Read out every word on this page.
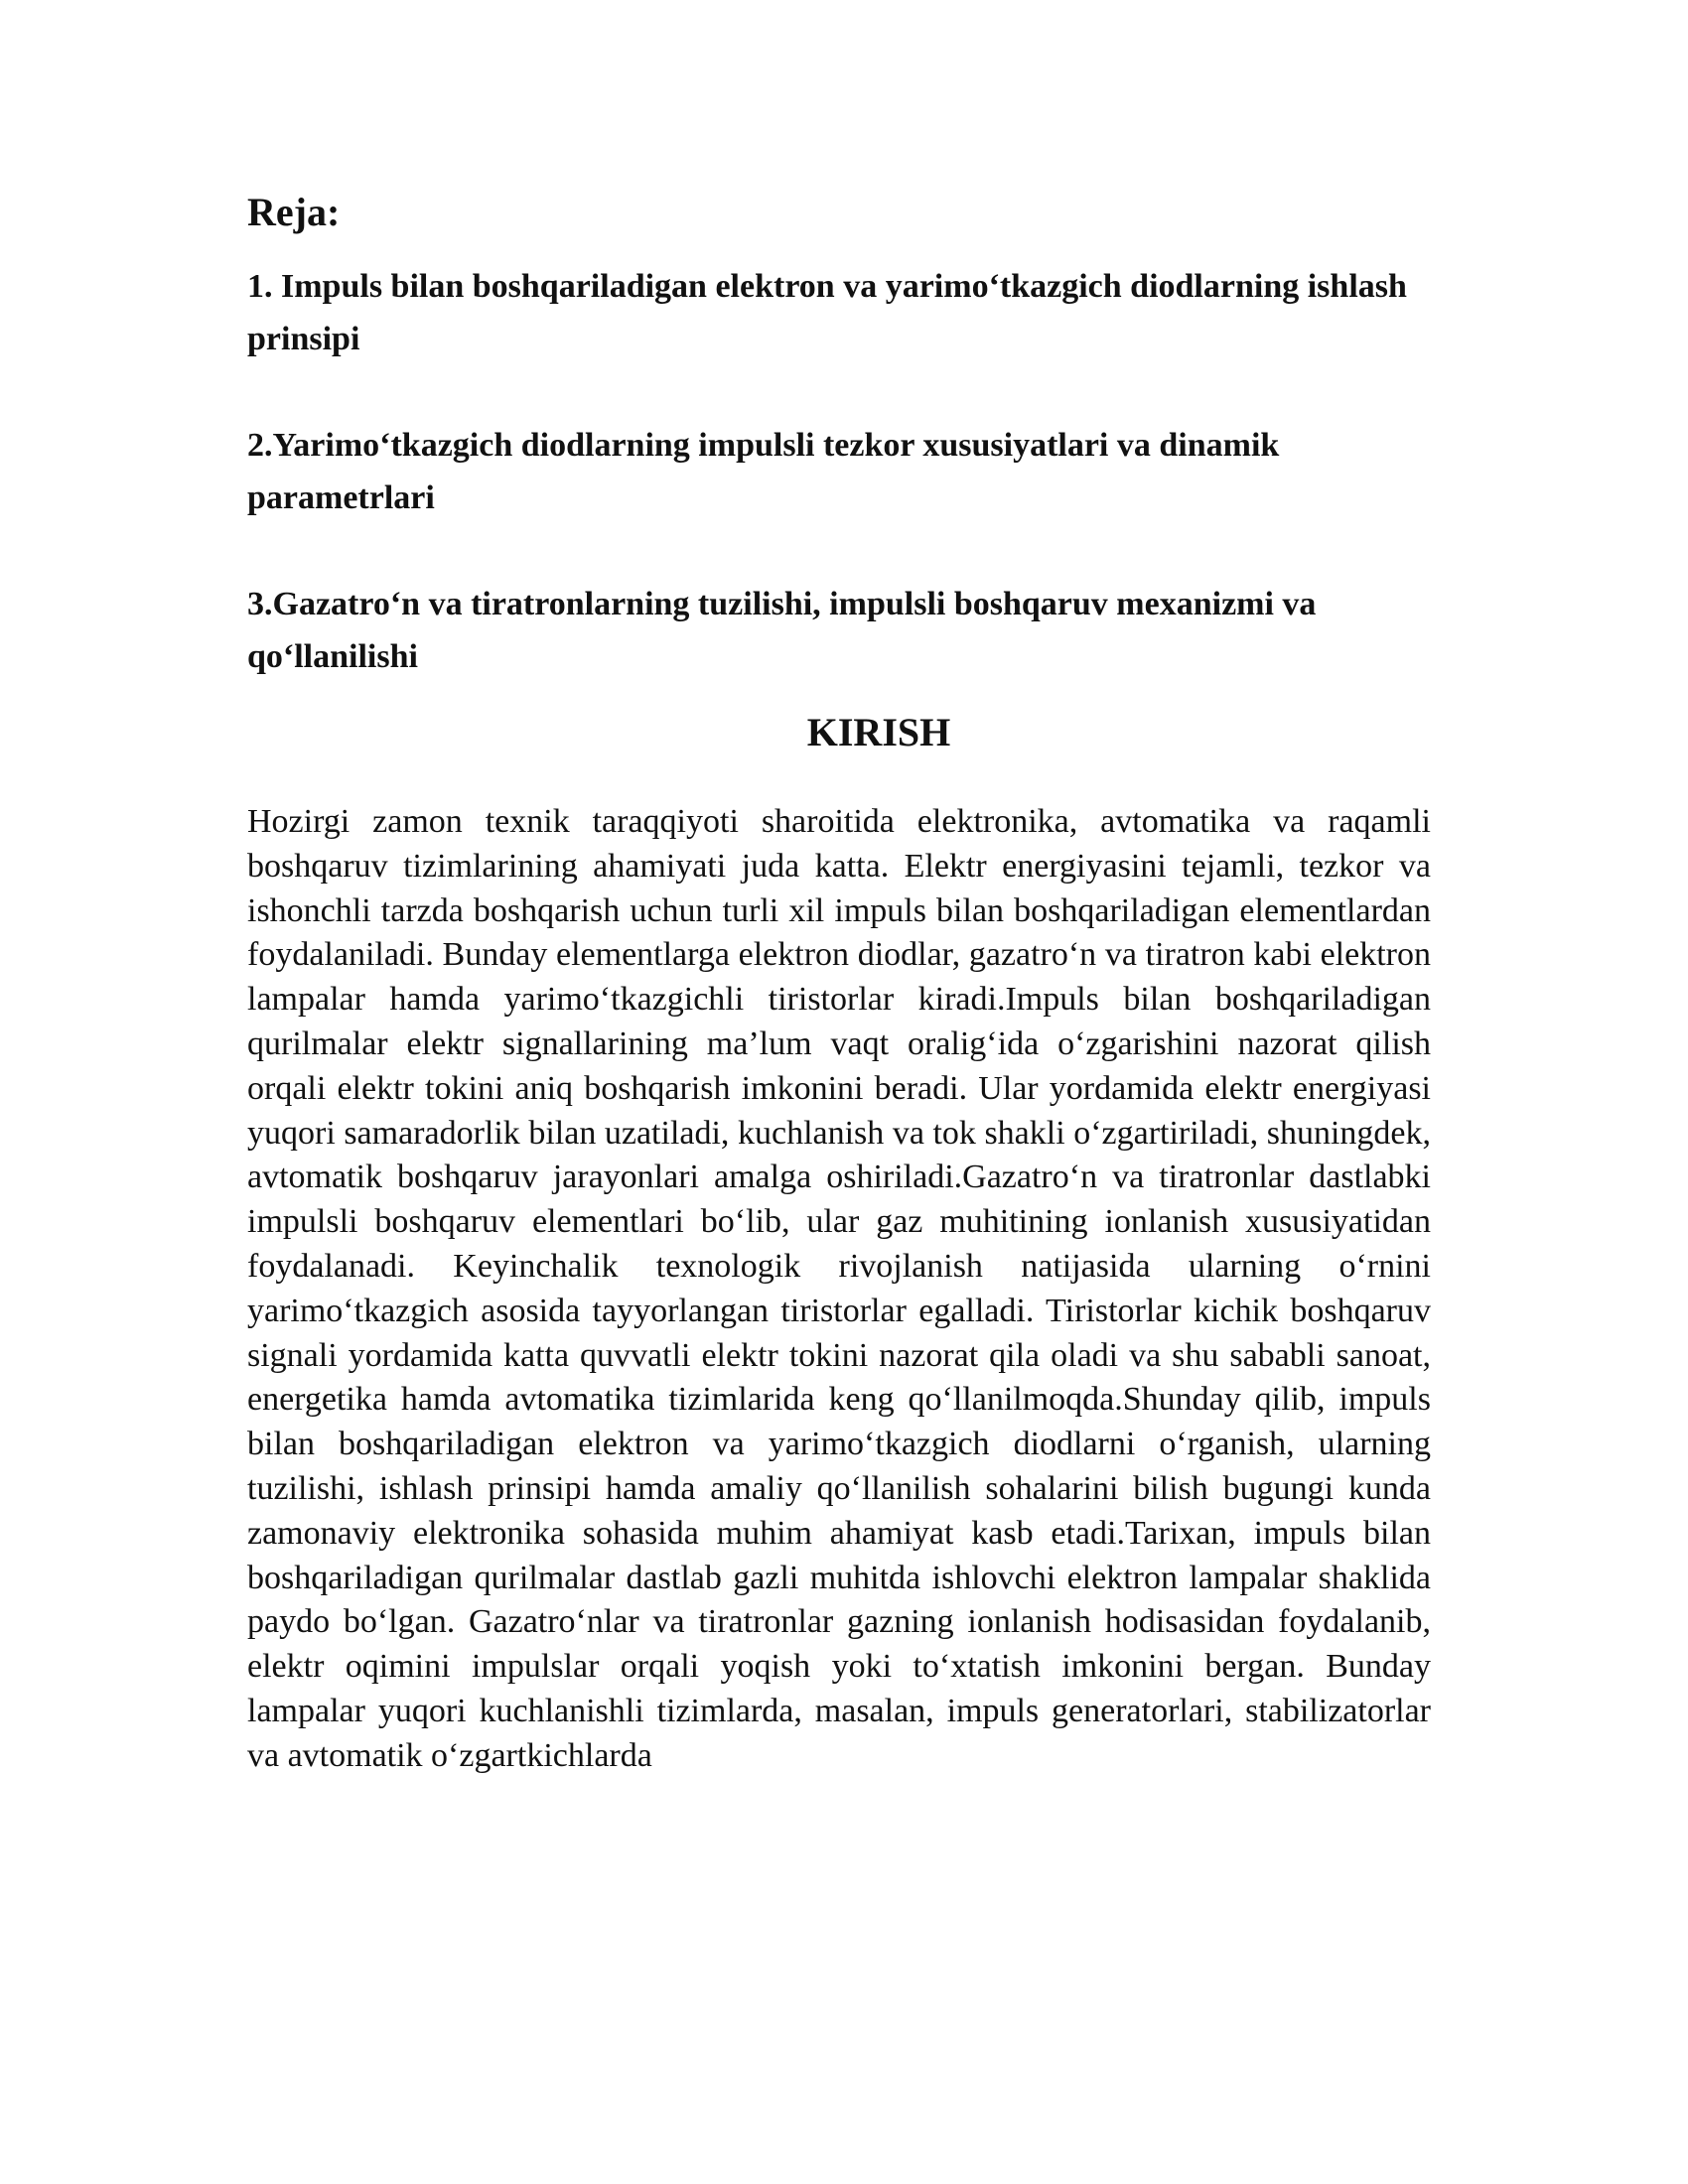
Reja:

1. Impuls bilan boshqariladigan elektron va yarimo‘tkazgich diodlarning ishlash prinsipi

2.Yarimo‘tkazgich diodlarning impulsli tezkor xususiyatlari va dinamik parametrlari

3.Gazatro‘n va tiratronlarning tuzilishi, impulsli boshqaruv mexanizmi va qo‘llanilishi

KIRISH

Hozirgi zamon texnik taraqqiyoti sharoitida elektronika, avtomatika va raqamli boshqaruv tizimlarining ahamiyati juda katta. Elektr energiyasini tejamli, tezkor va ishonchli tarzda boshqarish uchun turli xil impuls bilan boshqariladigan elementlardan foydalaniladi. Bunday elementlarga elektron diodlar, gazatro‘n va tiratron kabi elektron lampalar hamda yarimo‘tkazgichli tiristorlar kiradi.Impuls bilan boshqariladigan qurilmalar elektr signallarining ma’lum vaqt oralig‘ida o‘zgarishini nazorat qilish orqali elektr tokini aniq boshqarish imkonini beradi. Ular yordamida elektr energiyasi yuqori samaradorlik bilan uzatiladi, kuchlanish va tok shakli o‘zgartiriladi, shuningdek, avtomatik boshqaruv jarayonlari amalga oshiriladi.Gazatro‘n va tiratronlar dastlabki impulsli boshqaruv elementlari bo‘lib, ular gaz muhitining ionlanish xususiyatidan foydalanadi. Keyinchalik texnologik rivojlanish natijasida ularning o‘rnini yarimo‘tkazgich asosida tayyorlangan tiristorlar egalladi. Tiristorlar kichik boshqaruv signali yordamida katta quvvatli elektr tokini nazorat qila oladi va shu sababli sanoat, energetika hamda avtomatika tizimlarida keng qo‘llanilmoqda.Shunday qilib, impuls bilan boshqariladigan elektron va yarimo‘tkazgich diodlarni o‘rganish, ularning tuzilishi, ishlash prinsipi hamda amaliy qo‘llanilish sohalarini bilish bugungi kunda zamonaviy elektronika sohasida muhim ahamiyat kasb etadi.Tarixan, impuls bilan boshqariladigan qurilmalar dastlab gazli muhitda ishlovchi elektron lampalar shaklida paydo bo‘lgan. Gazatro‘nlar va tiratronlar gazning ionlanish hodisasidan foydalanib, elektr oqimini impulslar orqali yoqish yoki to‘xtatish imkonini bergan. Bunday lampalar yuqori kuchlanishli tizimlarda, masalan, impuls generatorlari, stabilizatorlar va avtomatik o‘zgartkichlarda
